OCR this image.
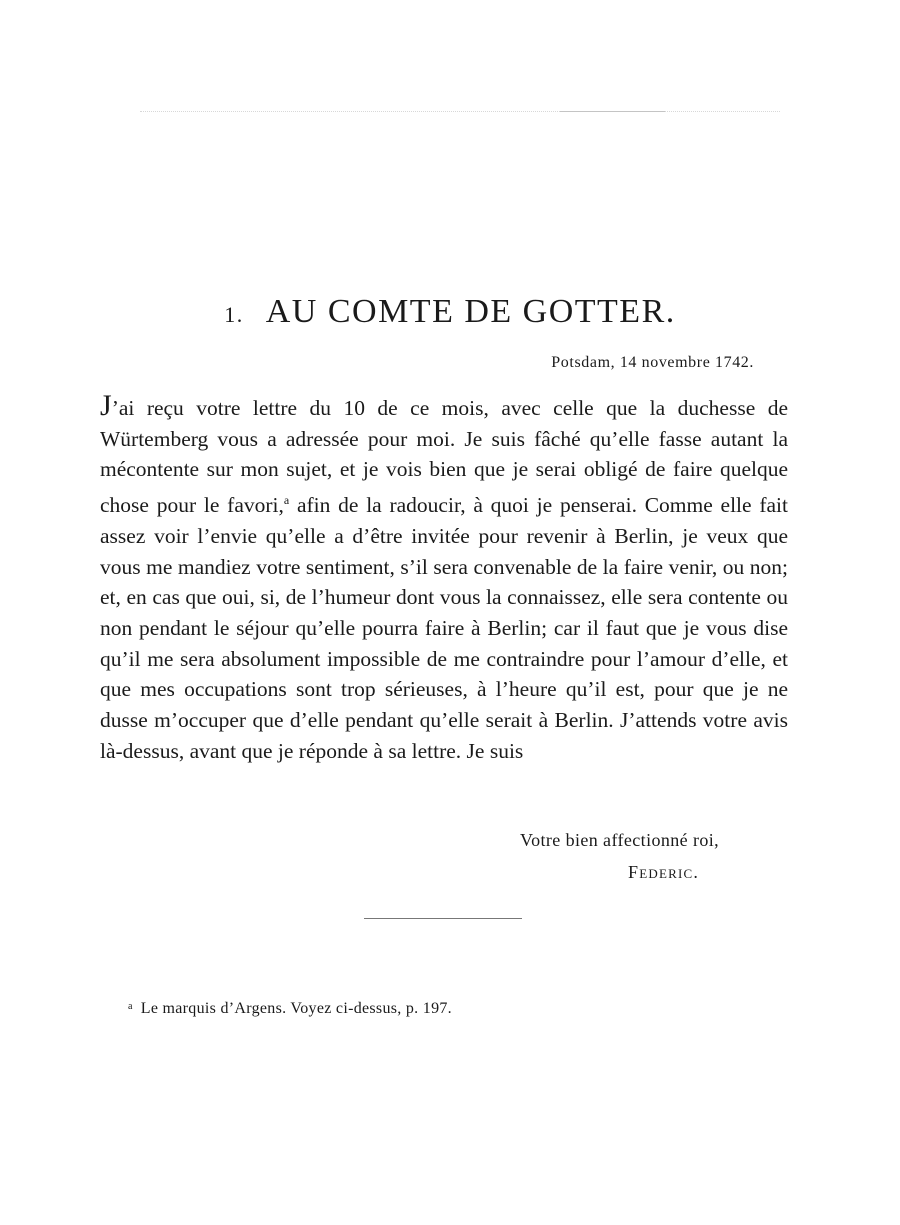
1. AU COMTE DE GOTTER.
Potsdam, 14 novembre 1742.

J’ai reçu votre lettre du 10 de ce mois, avec celle que la duchesse de Würtemberg vous a adressée pour moi. Je suis fâché qu’elle fasse autant la mécontente sur mon sujet, et je vois bien que je serai obligé de faire quelque chose pour le favori,$^a$ afin de la radoucir, à quoi je penserai. Comme elle fait assez voir l’envie qu’elle a d’être invitée pour revenir à Berlin, je veux que vous me mandiez votre sentiment, s’il sera convenable de la faire venir, ou non; et, en cas que oui, si, de l’humeur dont vous la connaissez, elle sera contente ou non pendant le séjour qu’elle pourra faire à Berlin; car il faut que je vous dise qu’il me sera absolument impossible de me contraindre pour l’amour d’elle, et que mes occupations sont trop sérieuses, à l’heure qu’il est, pour que je ne dusse m’occuper que d’elle pendant qu’elle serait à Berlin. J’attends votre avis là-dessus, avant que je réponde à sa lettre. Je suis

Votre bien affectionné roi,
Federic.
$^a$ Le marquis d’Argens. Voyez ci-dessus, p. 197.
